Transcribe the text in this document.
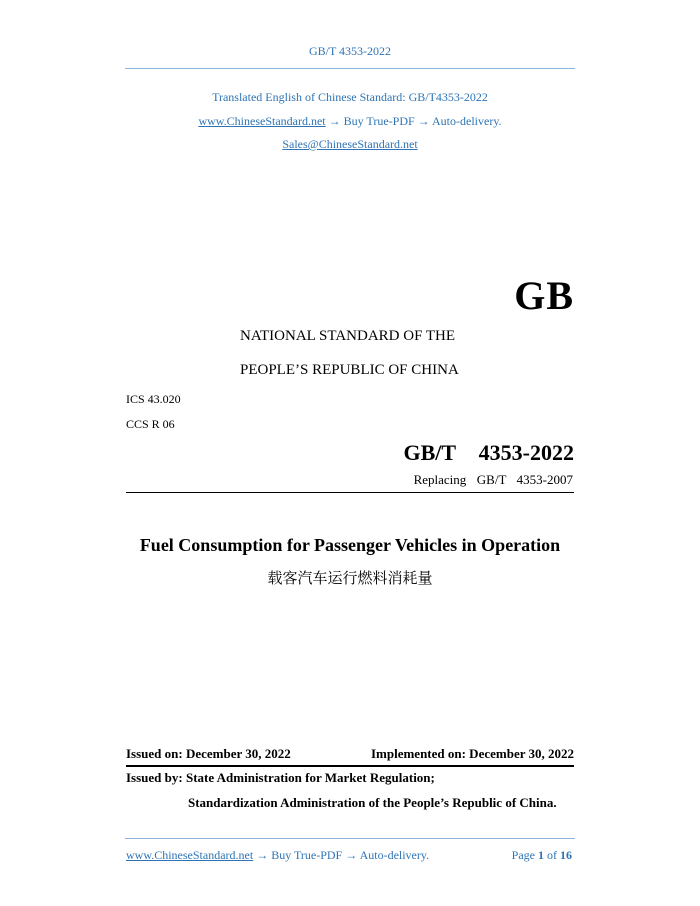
GB/T 4353-2022
Translated English of Chinese Standard: GB/T4353-2022
www.ChineseStandard.net → Buy True-PDF → Auto-delivery.
Sales@ChineseStandard.net
GB
NATIONAL STANDARD OF THE
PEOPLE’S REPUBLIC OF CHINA
ICS 43.020
CCS R 06
GB/T  4353-2022
Replacing  GB/T  4353-2007
Fuel Consumption for Passenger Vehicles in Operation
载客汽车运行燃料消耗量
Issued on: December 30, 2022	Implemented on: December 30, 2022
Issued by: State Administration for Market Regulation;
Standardization Administration of the People’s Republic of China.
www.ChineseStandard.net → Buy True-PDF → Auto-delivery.	Page 1 of 16
